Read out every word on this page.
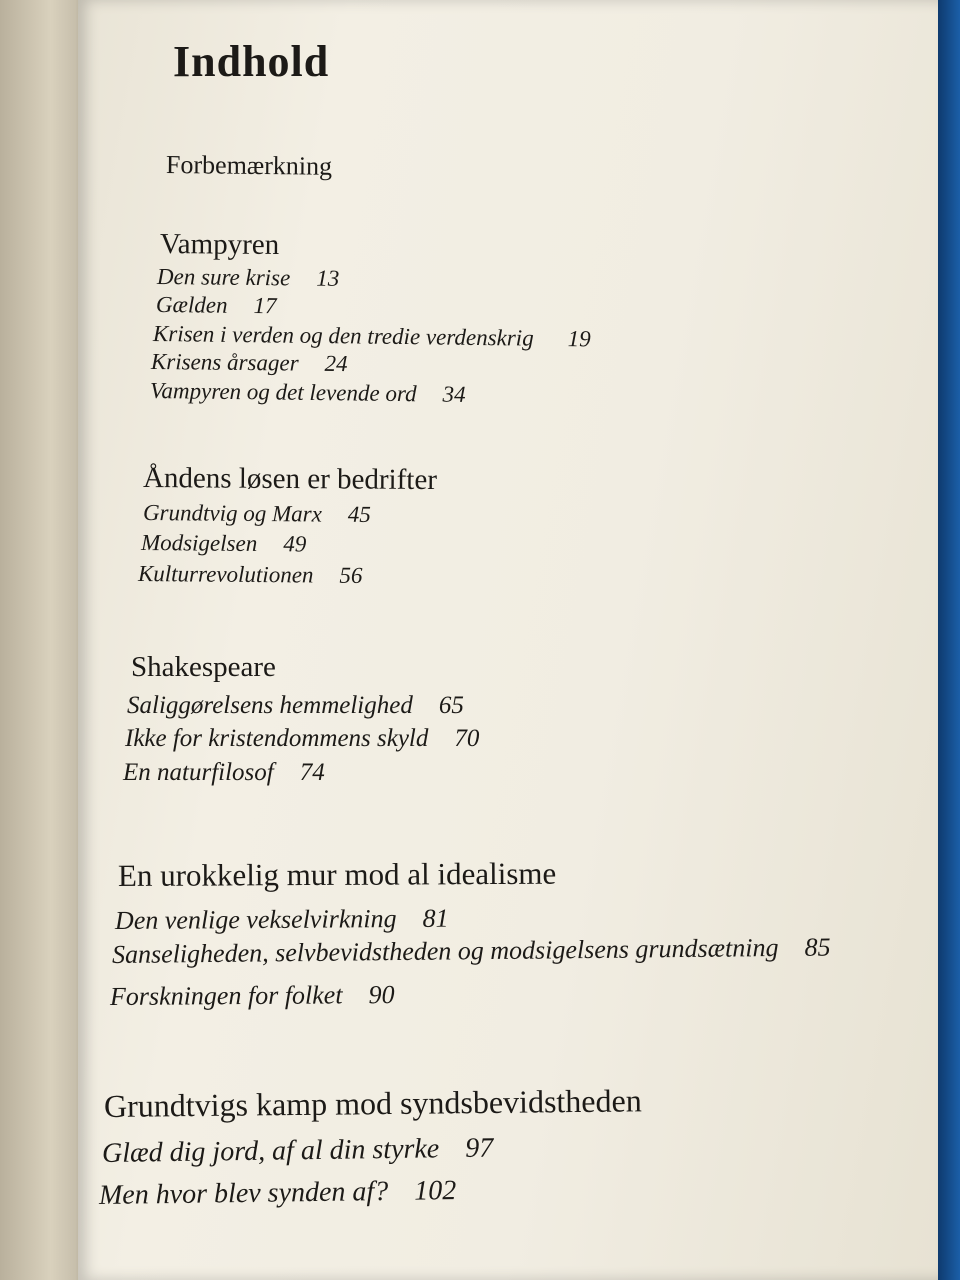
Indhold
Forbemærkning
Vampyren
Den sure krise 13
Gælden 17
Krisen i verden og den tredie verdenskrig 19
Krisens årsager 24
Vampyren og det levende ord 34
Åndens løsen er bedrifter
Grundtvig og Marx 45
Modsigelsen 49
Kulturrevolutionen 56
Shakespeare
Saliggørelsens hemmelighed 65
Ikke for kristendommens skyld 70
En naturfilosof 74
En urokkelig mur mod al idealisme
Den venlige vekselvirkning 81
Sanseligheden, selvbevidstheden og modsigelsens grundsætning 85
Forskningen for folket 90
Grundtvigs kamp mod syndsbevidstheden
Glæd dig jord, af al din styrke 97
Men hvor blev synden af? 102
